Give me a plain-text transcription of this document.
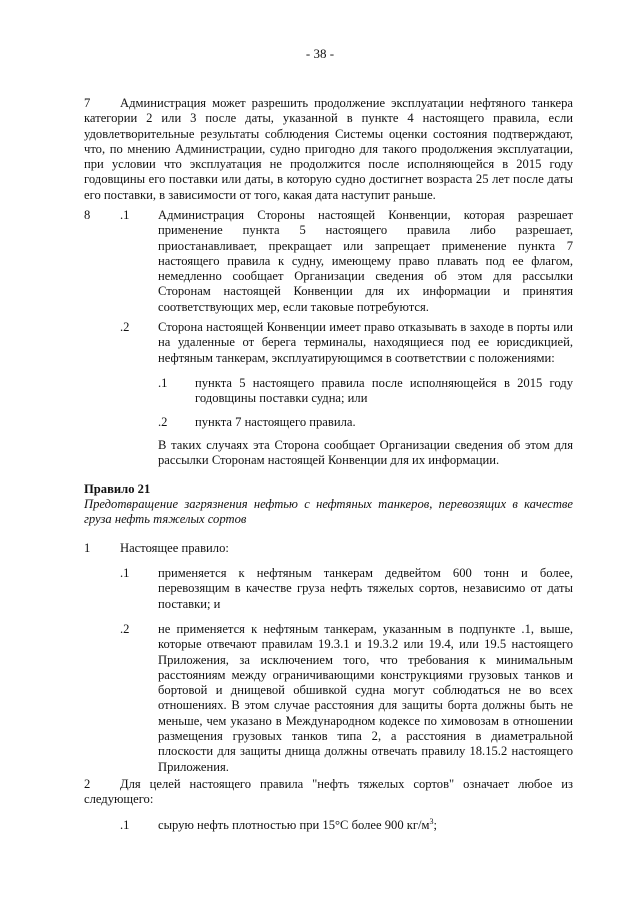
- 38 -
7	Администрация может разрешить продолжение эксплуатации нефтяного танкера категории 2 или 3 после даты, указанной в пункте 4 настоящего правила, если удовлетворительные результаты соблюдения Системы оценки состояния подтверждают, что, по мнению Администрации, судно пригодно для такого продолжения эксплуатации, при условии что эксплуатация не продолжится после исполняющейся в 2015 году годовщины его поставки или даты, в которую судно достигнет возраста 25 лет после даты его поставки, в зависимости от того, какая дата наступит раньше.
8 .1 Администрация Стороны настоящей Конвенции, которая разрешает применение пункта 5 настоящего правила либо разрешает, приостанавливает, прекращает или запрещает применение пункта 7 настоящего правила к судну, имеющему право плавать под ее флагом, немедленно сообщает Организации сведения об этом для рассылки Сторонам настоящей Конвенции для их информации и принятия соответствующих мер, если таковые потребуются.
.2 Сторона настоящей Конвенции имеет право отказывать в заходе в порты или на удаленные от берега терминалы, находящиеся под ее юрисдикцией, нефтяным танкерам, эксплуатирующимся в соответствии с положениями:
.1 пункта 5 настоящего правила после исполняющейся в 2015 году годовщины поставки судна; или
.2 пункта 7 настоящего правила.
В таких случаях эта Сторона сообщает Организации сведения об этом для рассылки Сторонам настоящей Конвенции для их информации.
Правило 21
Предотвращение загрязнения нефтью с нефтяных танкеров, перевозящих в качестве груза нефть тяжелых сортов
1 Настоящее правило:
.1 применяется к нефтяным танкерам дедвейтом 600 тонн и более, перевозящим в качестве груза нефть тяжелых сортов, независимо от даты поставки; и
.2 не применяется к нефтяным танкерам, указанным в подпункте .1, выше, которые отвечают правилам 19.3.1 и 19.3.2 или 19.4, или 19.5 настоящего Приложения, за исключением того, что требования к минимальным расстояниям между ограничивающими конструкциями грузовых танков и бортовой и днищевой обшивкой судна могут соблюдаться не во всех отношениях. В этом случае расстояния для защиты борта должны быть не меньше, чем указано в Международном кодексе по химовозам в отношении размещения грузовых танков типа 2, а расстояния в диаметральной плоскости для защиты днища должны отвечать правилу 18.15.2 настоящего Приложения.
2	Для целей настоящего правила "нефть тяжелых сортов" означает любое из следующего:
.1 сырую нефть плотностью при 15°С более 900 $кг/м^3$;
